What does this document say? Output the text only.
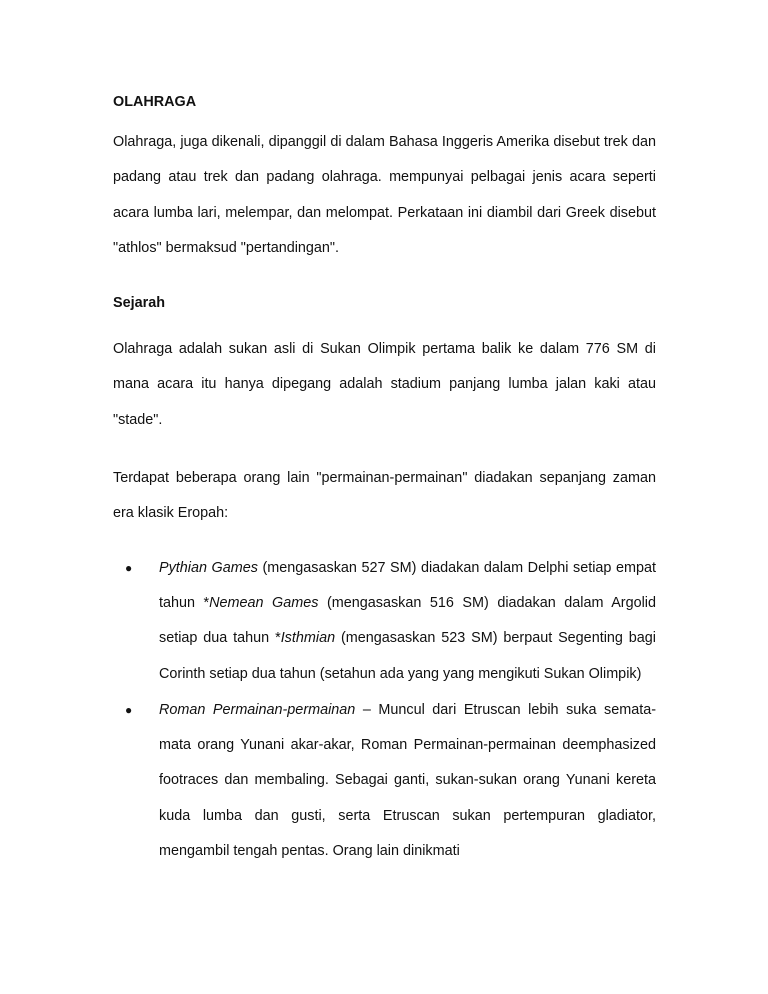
OLAHRAGA

Olahraga, juga dikenali, dipanggil di dalam Bahasa Inggeris Amerika disebut trek dan padang atau trek dan padang olahraga. mempunyai pelbagai jenis acara seperti acara lumba lari, melempar, dan melompat. Perkataan ini diambil dari Greek disebut "athlos" bermaksud "pertandingan".

Sejarah

Olahraga adalah sukan asli di Sukan Olimpik pertama balik ke dalam 776 SM di mana acara itu hanya dipegang adalah stadium panjang lumba jalan kaki atau "stade".

Terdapat beberapa orang lain "permainan-permainan" diadakan sepanjang zaman era klasik Eropah:

● Pythian Games (mengasaskan 527 SM) diadakan dalam Delphi setiap empat tahun *Nemean Games (mengasaskan 516 SM) diadakan dalam Argolid setiap dua tahun *Isthmian (mengasaskan 523 SM) berpaut Segenting bagi Corinth setiap dua tahun (setahun ada yang yang mengikuti Sukan Olimpik)
● Roman Permainan-permainan – Muncul dari Etruscan lebih suka semata-mata orang Yunani akar-akar, Roman Permainan-permainan deemphasized footraces dan membaling. Sebagai ganti, sukan-sukan orang Yunani kereta kuda lumba dan gusti, serta Etruscan sukan pertempuran gladiator, mengambil tengah pentas. Orang lain dinikmati
